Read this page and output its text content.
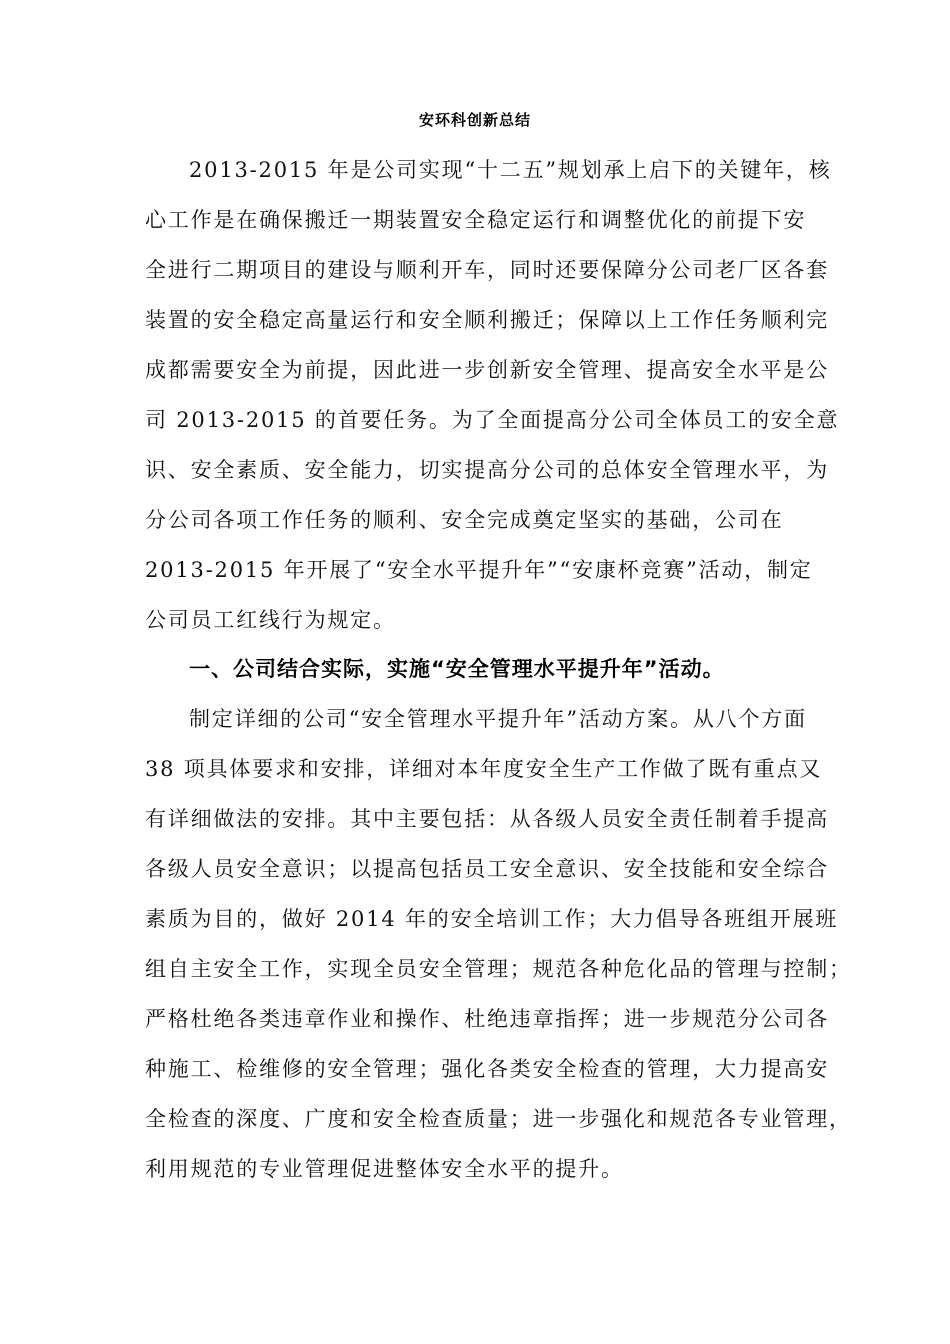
安环科创新总结
2013-2015 年是公司实现“十二五”规划承上启下的关键年，核
心工作是在确保搬迁一期装置安全稳定运行和调整优化的前提下安
全进行二期项目的建设与顺利开车，同时还要保障分公司老厂区各套
装置的安全稳定高量运行和安全顺利搬迁；保障以上工作任务顺利完
成都需要安全为前提，因此进一步创新安全管理、提高安全水平是公
司 2013-2015 的首要任务。为了全面提高分公司全体员工的安全意
识、安全素质、安全能力，切实提高分公司的总体安全管理水平，为
分公司各项工作任务的顺利、安全完成奠定坚实的基础，公司在
2013-2015 年开展了“安全水平提升年”“安康杯竞赛”活动，制定
公司员工红线行为规定。
一、公司结合实际，实施“安全管理水平提升年”活动。
制定详细的公司“安全管理水平提升年”活动方案。从八个方面
38 项具体要求和安排，详细对本年度安全生产工作做了既有重点又
有详细做法的安排。其中主要包括：从各级人员安全责任制着手提高
各级人员安全意识；以提高包括员工安全意识、安全技能和安全综合
素质为目的，做好 2014 年的安全培训工作；大力倡导各班组开展班
组自主安全工作，实现全员安全管理；规范各种危化品的管理与控制；
严格杜绝各类违章作业和操作、杜绝违章指挥；进一步规范分公司各
种施工、检维修的安全管理；强化各类安全检查的管理，大力提高安
全检查的深度、广度和安全检查质量；进一步强化和规范各专业管理，
利用规范的专业管理促进整体安全水平的提升。
